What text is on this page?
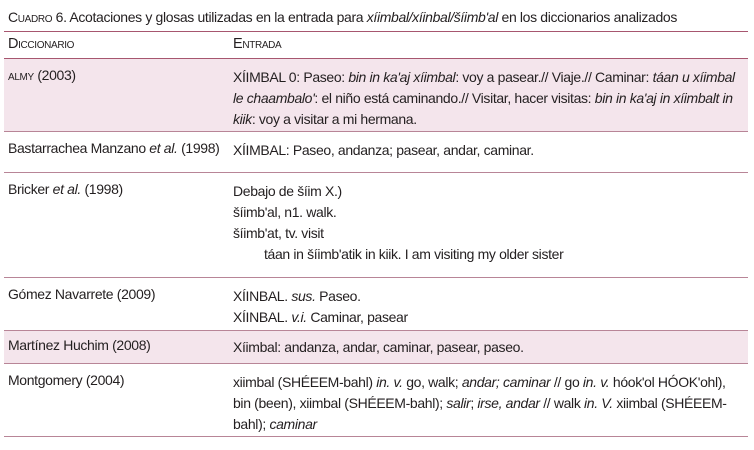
Cuadro 6. Acotaciones y glosas utilizadas en la entrada para xíimbal/xíinbal/šíimb'al en los diccionarios analizados
Diccionario	Entrada
almy (2003)	XÍIMBAL 0: Paseo: bin in ka'aj xíimbal: voy a pasear.// Viaje.// Caminar: táan u xíimbal le chaambalo': el niño está caminando.// Visitar, hacer visitas: bin in ka'aj in xíimbalt in kiik: voy a visitar a mi hermana.
Bastarrachea Manzano et al. (1998) XÍIMBAL: Paseo, andanza; pasear, andar, caminar.
Bricker et al. (1998)	Debajo de šíim X.)
šíimb'al, n1. walk.
šíimb'at, tv. visit
táan in šíimb'atik in kiik. I am visiting my older sister
Gómez Navarrete (2009)	XÍINBAL. sus. Paseo.
XÍINBAL. v.i. Caminar, pasear
Martínez Huchim (2008)	Xíimbal: andanza, andar, caminar, pasear, paseo.
Montgomery (2004)	xiimbal (SHÉEEM-bahl) in. v. go, walk; andar; caminar // go in. v. hóok'ol HÓOK'ohl), bin (been), xiimbal (SHÉEEM-bahl); salir; irse, andar // walk in. V. xiimbal (SHÉEEM-bahl); caminar
